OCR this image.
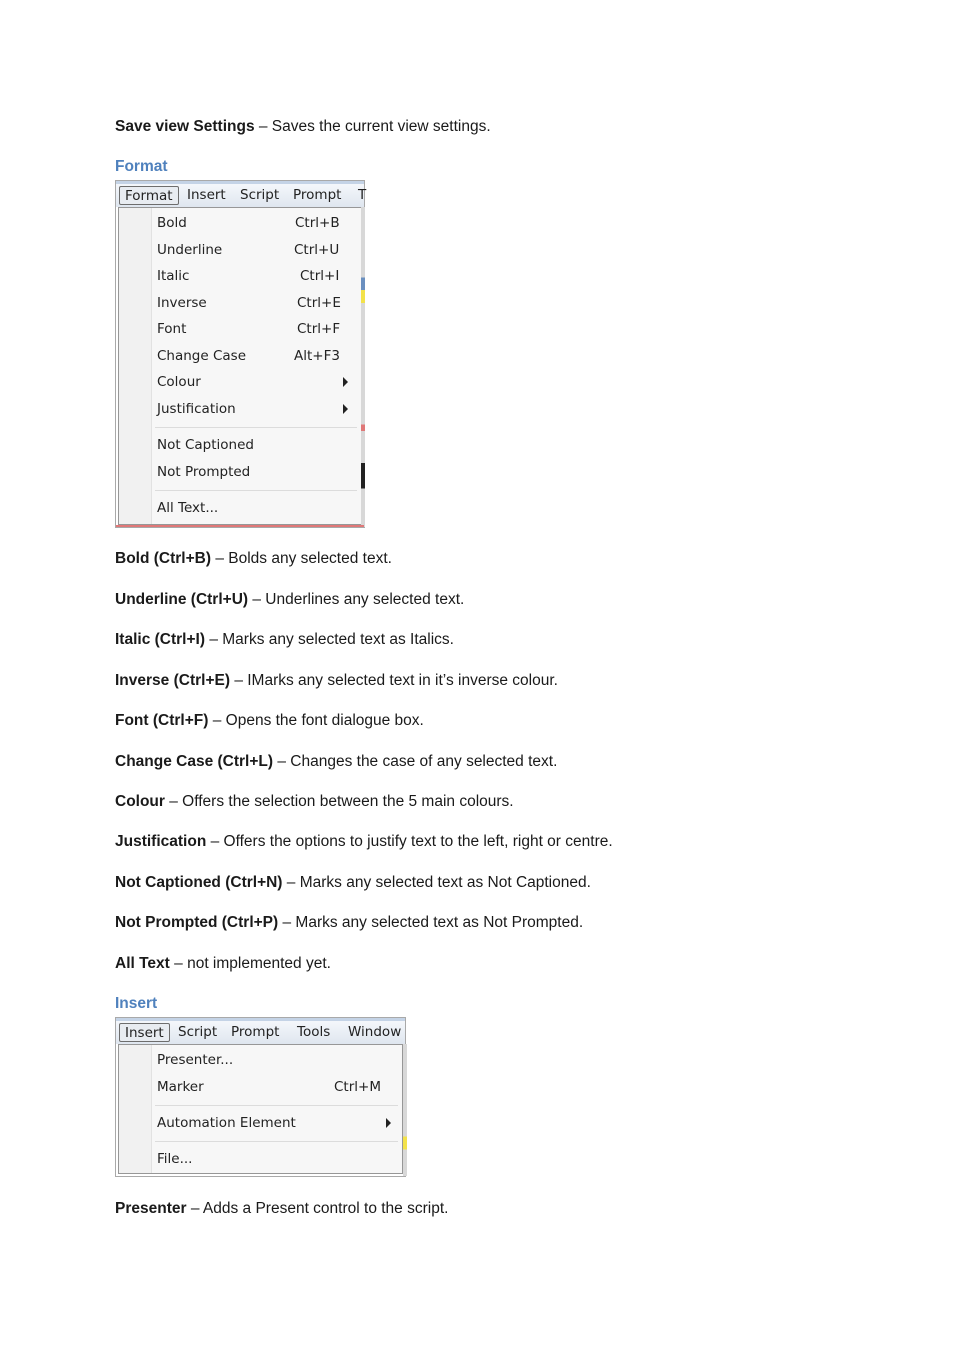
Save view Settings – Saves the current view settings.

Format
Format	Insert	Script	Prompt	T
Bold	Ctrl+B
Underline	Ctrl+U
Italic	Ctrl+I
Inverse	Ctrl+E
Font	Ctrl+F
Change Case	Alt+F3
Colour
Justification
Not Captioned
Not Prompted
All Text...

Bold (Ctrl+B) – Bolds any selected text.

Underline (Ctrl+U) – Underlines any selected text.

Italic (Ctrl+I) – Marks any selected text as Italics.

Inverse (Ctrl+E) – IMarks any selected text in it’s inverse colour.

Font (Ctrl+F) – Opens the font dialogue box.

Change Case (Ctrl+L) – Changes the case of any selected text.

Colour – Offers the selection between the 5 main colours.

Justification – Offers the options to justify text to the left, right or centre.

Not Captioned (Ctrl+N) – Marks any selected text as Not Captioned.

Not Prompted (Ctrl+P) – Marks any selected text as Not Prompted.

All Text – not implemented yet.

Insert
Insert	Script	Prompt	Tools	Window
Presenter...
Marker	Ctrl+M
Automation Element
File...

Presenter – Adds a Present control to the script.
